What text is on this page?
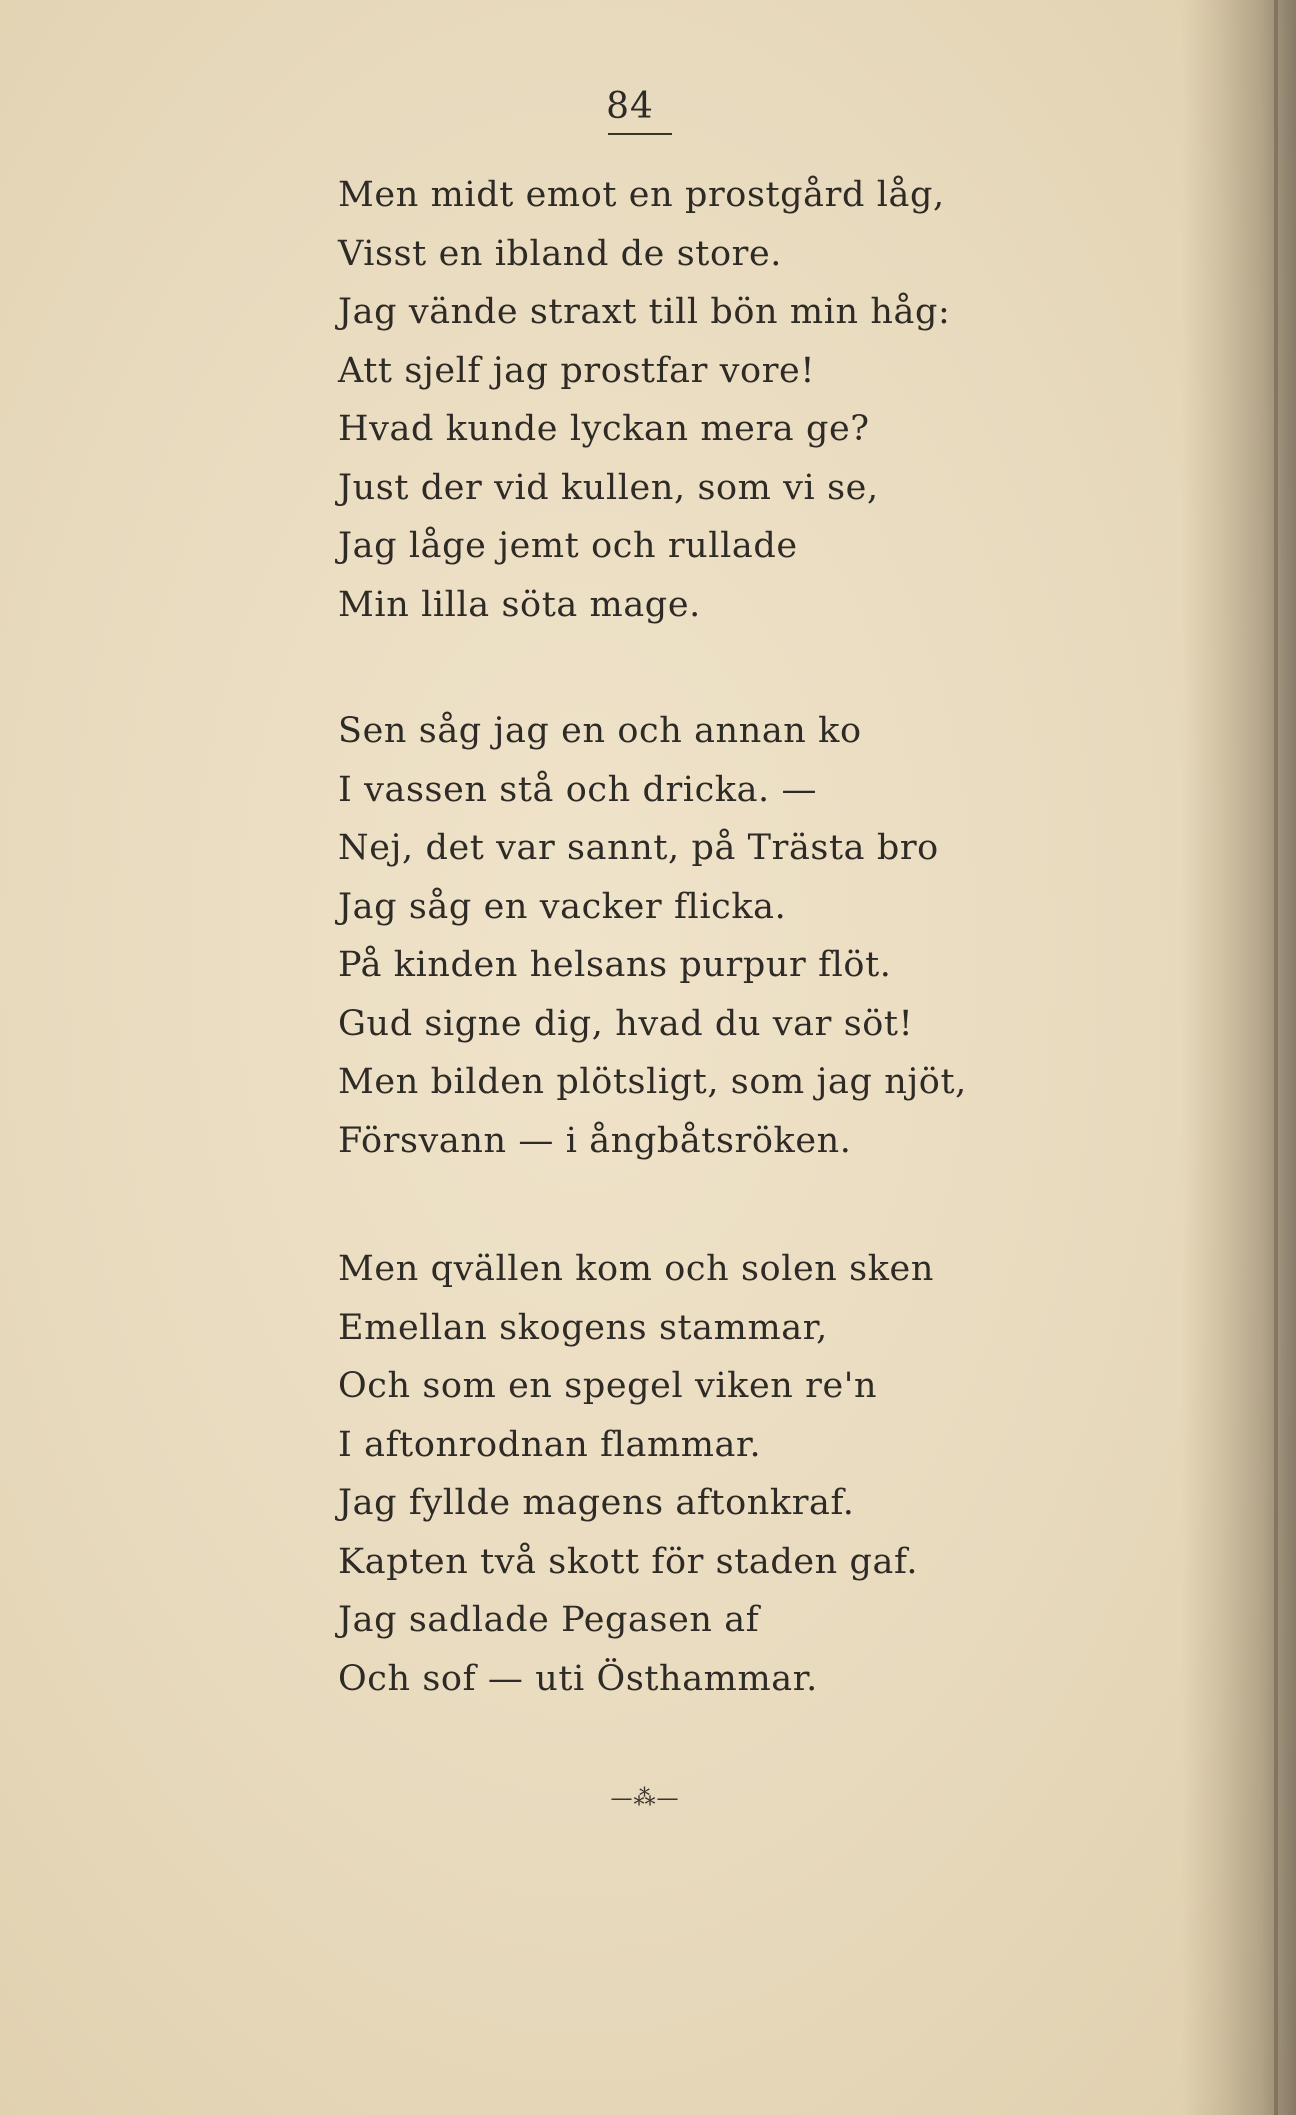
84
Men midt emot en prostgård låg,
Visst en ibland de store.
Jag vände straxt till bön min håg:
Att sjelf jag prostfar vore!
Hvad kunde lyckan mera ge?
Just der vid kullen, som vi se,
Jag låge jemt och rullade
Min lilla söta mage.
Sen såg jag en och annan ko
I vassen stå och dricka. —
Nej, det var sannt, på Trästa bro
Jag såg en vacker flicka.
På kinden helsans purpur flöt.
Gud signe dig, hvad du var söt!
Men bilden plötsligt, som jag njöt,
Försvann — i ångbåtsröken.
Men qvällen kom och solen sken
Emellan skogens stammar,
Och som en spegel viken re'n
I aftonrodnan flammar.
Jag fyllde magens aftonkraf.
Kapten två skott för staden gaf.
Jag sadlade Pegasen af
Och sof — uti Östhammar.
—⁂—
